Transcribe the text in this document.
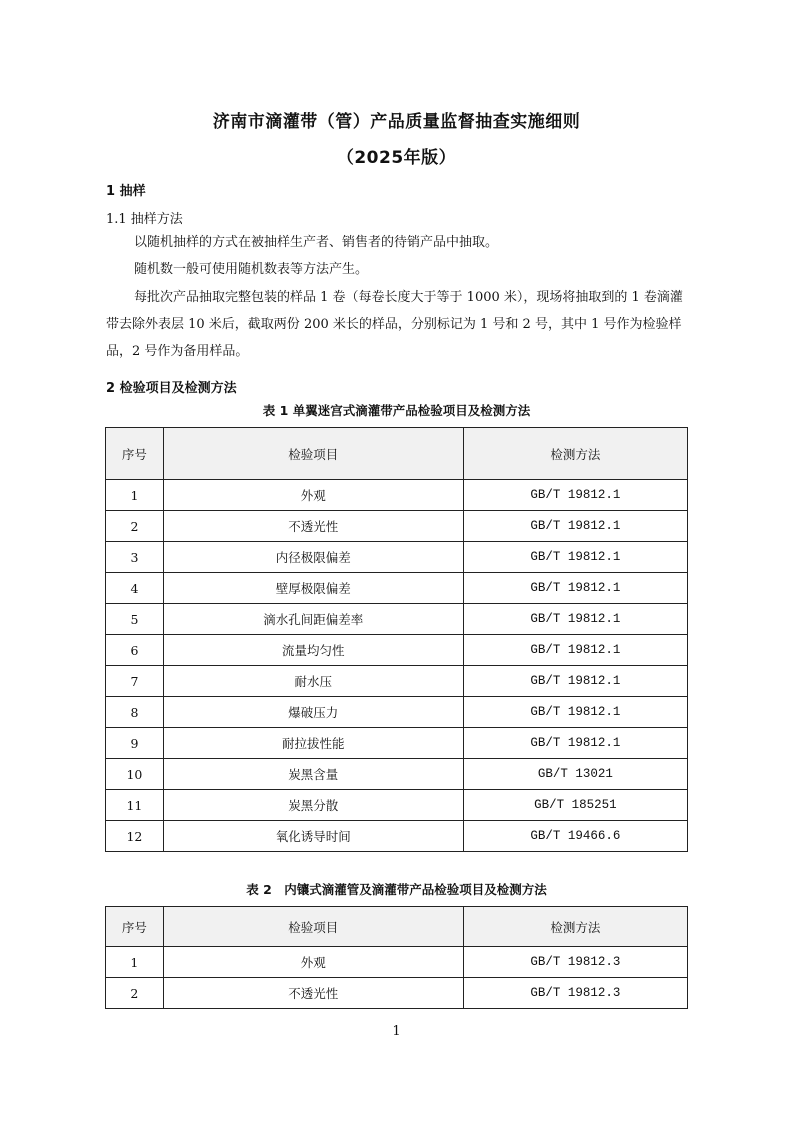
济南市滴灌带（管）产品质量监督抽查实施细则
（2025年版）
1 抽样
1.1 抽样方法
以随机抽样的方式在被抽样生产者、销售者的待销产品中抽取。
随机数一般可使用随机数表等方法产生。
每批次产品抽取完整包装的样品 1 卷（每卷长度大于等于 1000 米），现场将抽取到的 1 卷滴灌带去除外表层 10 米后，截取两份 200 米长的样品，分别标记为 1 号和 2 号，其中 1 号作为检验样品，2 号作为备用样品。
2 检验项目及检测方法
表 1 单翼迷宫式滴灌带产品检验项目及检测方法
序号	检验项目	检测方法
1	外观	GB/T 19812.1
2	不透光性	GB/T 19812.1
3	内径极限偏差	GB/T 19812.1
4	壁厚极限偏差	GB/T 19812.1
5	滴水孔间距偏差率	GB/T 19812.1
6	流量均匀性	GB/T 19812.1
7	耐水压	GB/T 19812.1
8	爆破压力	GB/T 19812.1
9	耐拉拔性能	GB/T 19812.1
10	炭黑含量	GB/T 13021
11	炭黑分散	GB/T 185251
12	氧化诱导时间	GB/T 19466.6
表 2　内镶式滴灌管及滴灌带产品检验项目及检测方法
序号	检验项目	检测方法
1	外观	GB/T 19812.3
2	不透光性	GB/T 19812.3
1
